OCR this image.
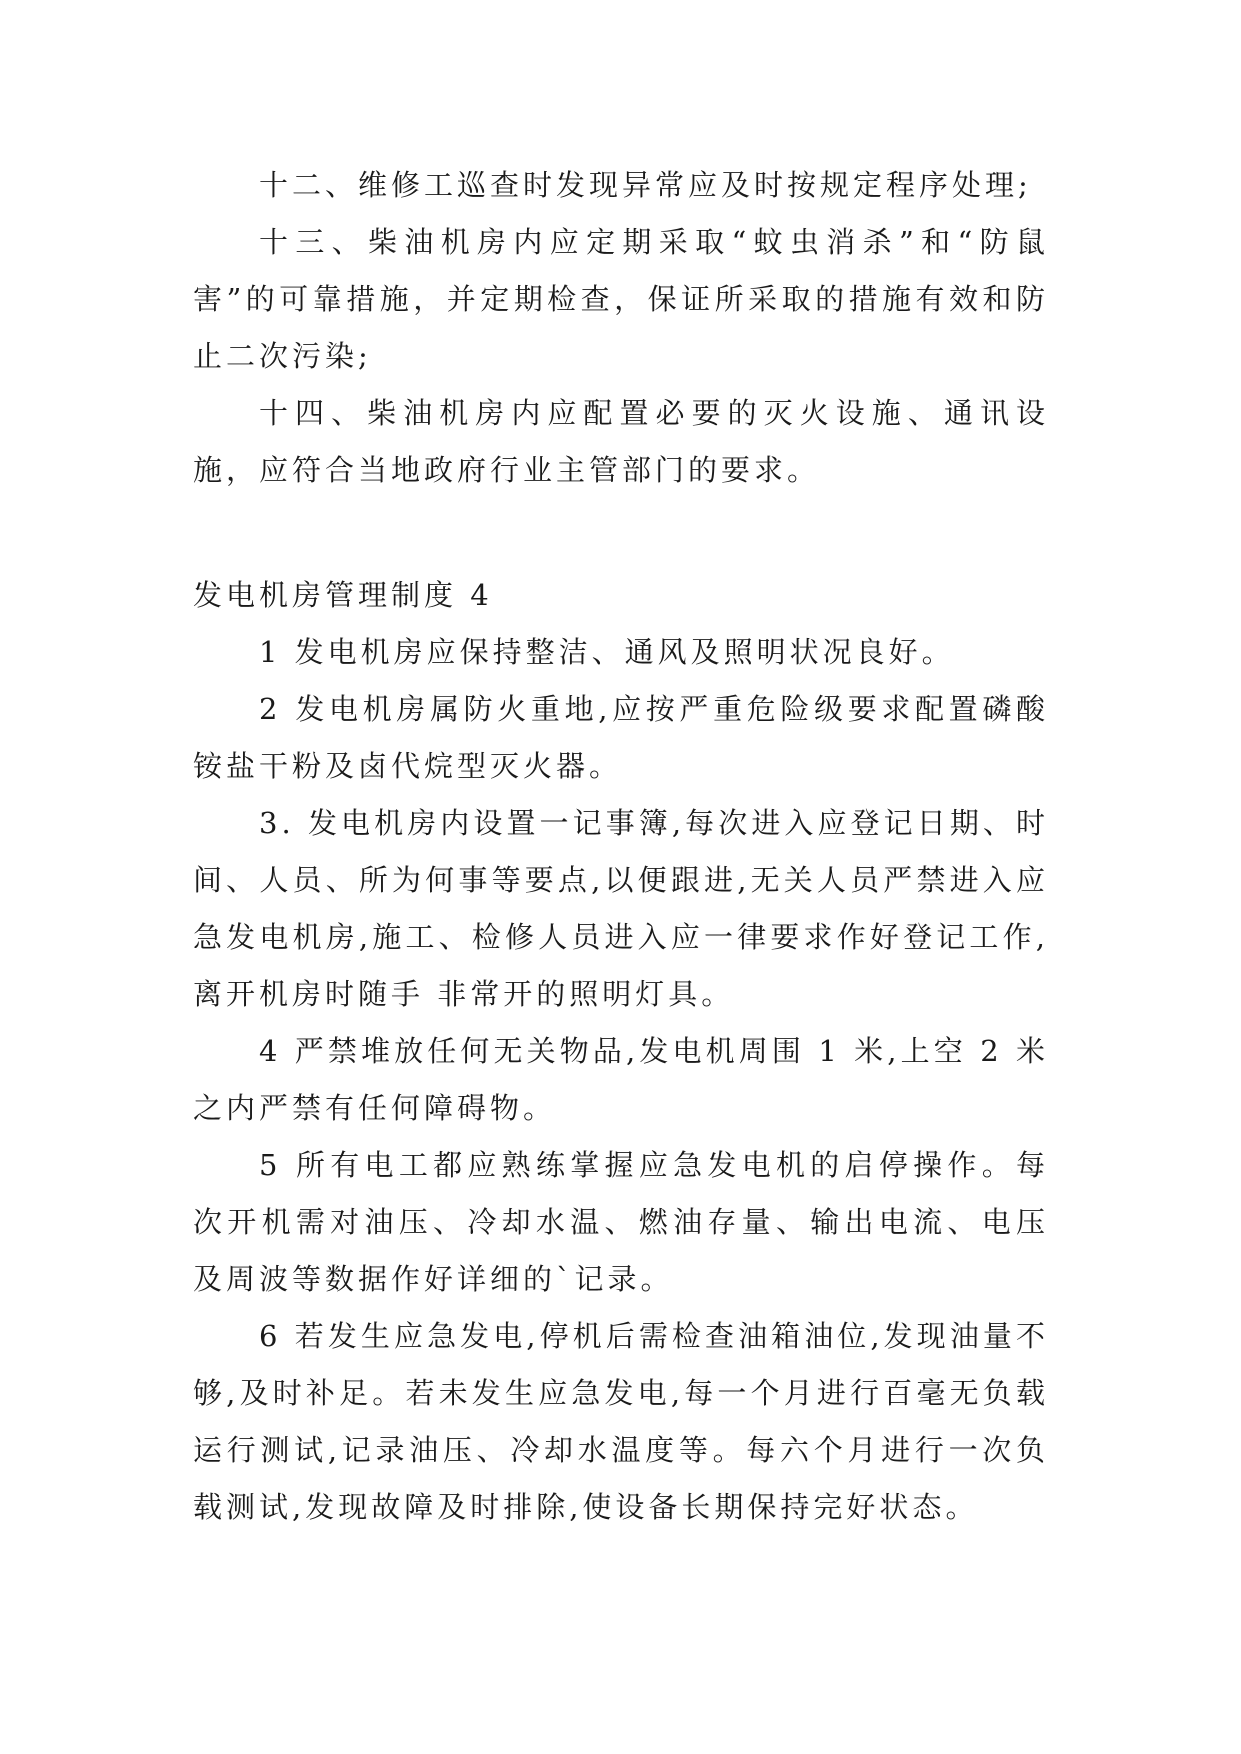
十二、维修工巡查时发现异常应及时按规定程序处理;

十三、柴油机房内应定期采取“蚊虫消杀”和“防鼠害”的可靠措施，并定期检查，保证所采取的措施有效和防止二次污染;

十四、柴油机房内应配置必要的灭火设施、通讯设施，应符合当地政府行业主管部门的要求。

发电机房管理制度 4

1 发电机房应保持整洁、通风及照明状况良好。

2 发电机房属防火重地,应按严重危险级要求配置磷酸铵盐干粉及卤代烷型灭火器。

3. 发电机房内设置一记事簿,每次进入应登记日期、时间、人员、所为何事等要点,以便跟进,无关人员严禁进入应急发电机房,施工、检修人员进入应一律要求作好登记工作,离开机房时随手 非常开的照明灯具。

4 严禁堆放任何无关物品,发电机周围 1 米,上空 2 米之内严禁有任何障碍物。

5 所有电工都应熟练掌握应急发电机的启停操作。每次开机需对油压、冷却水温、燃油存量、输出电流、电压及周波等数据作好详细的`记录。

6 若发生应急发电,停机后需检查油箱油位,发现油量不够,及时补足。若未发生应急发电,每一个月进行百毫无负载运行测试,记录油压、冷却水温度等。每六个月进行一次负载测试,发现故障及时排除,使设备长期保持完好状态。
